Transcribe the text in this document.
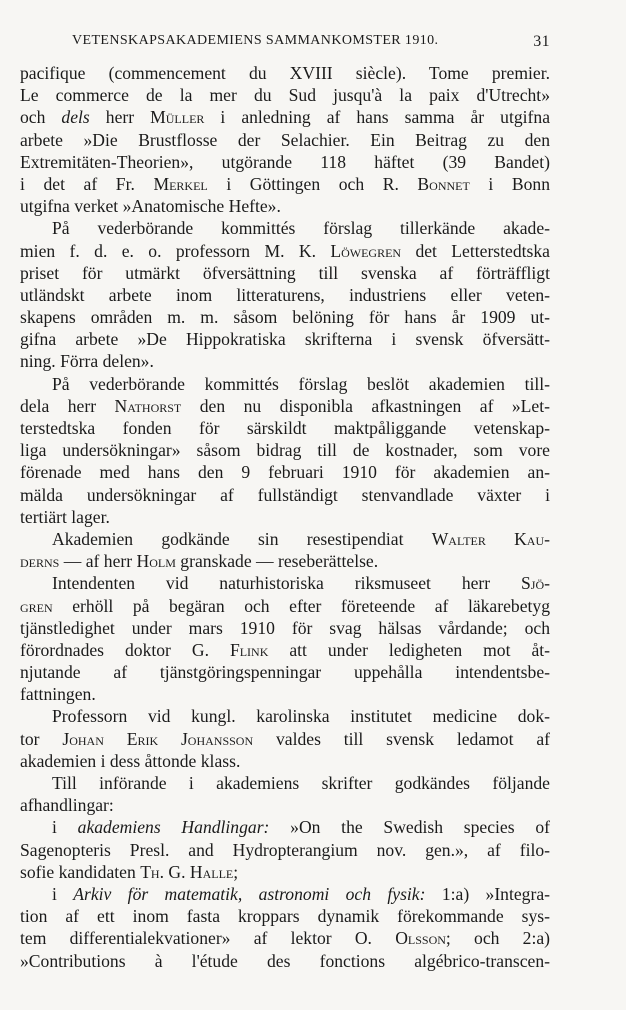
VETENSKAPSAKADEMIENS SAMMANKOMSTER 1910.	31
pacifique (commencement du XVIII siècle). Tome premier.
Le commerce de la mer du Sud jusqu'à la paix d'Utrecht»
och dels herr Müller i anledning af hans samma år utgifna
arbete »Die Brustflosse der Selachier. Ein Beitrag zu den
Extremitäten-Theorien», utgörande 118 häftet (39 Bandet)
i det af Fr. Merkel i Göttingen och R. Bonnet i Bonn
utgifna verket »Anatomische Hefte».
På vederbörande kommittés förslag tillerkände akade-
mien f. d. e. o. professorn M. K. Löwegren det Letterstedtska
priset för utmärkt öfversättning till svenska af förträffligt
utländskt arbete inom litteraturens, industriens eller veten-
skapens områden m. m. såsom belöning för hans år 1909 ut-
gifna arbete »De Hippokratiska skrifterna i svensk öfversätt-
ning. Förra delen».
På vederbörande kommittés förslag beslöt akademien till-
dela herr Nathorst den nu disponibla afkastningen af »Let-
terstedtska fonden för särskildt maktpåliggande vetenskap-
liga undersökningar» såsom bidrag till de kostnader, som vore
förenade med hans den 9 februari 1910 för akademien an-
mälda undersökningar af fullständigt stenvandlade växter i
tertiärt lager.
Akademien godkände sin resestipendiat Walter Kau-
derns — af herr Holm granskade — reseberättelse.
Intendenten vid naturhistoriska riksmuseet herr Sjö-
gren erhöll på begäran och efter företeende af läkarebetyg
tjänstledighet under mars 1910 för svag hälsas vårdande; och
förordnades doktor G. Flink att under ledigheten mot åt-
njutande af tjänstgöringspenningar uppehålla intendentsbe-
fattningen.
Professorn vid kungl. karolinska institutet medicine dok-
tor Johan Erik Johansson valdes till svensk ledamot af
akademien i dess åttonde klass.
Till införande i akademiens skrifter godkändes följande
afhandlingar:
i akademiens Handlingar: »On the Swedish species of
Sagenopteris Presl. and Hydropterangium nov. gen.», af filo-
sofie kandidaten Th. G. Halle;
i Arkiv för matematik, astronomi och fysik: 1:a) »Integra-
tion af ett inom fasta kroppars dynamik förekommande sys-
tem differentialekvationer» af lektor O. Olsson; och 2:a)
»Contributions à l'étude des fonctions algébrico-transcen-
